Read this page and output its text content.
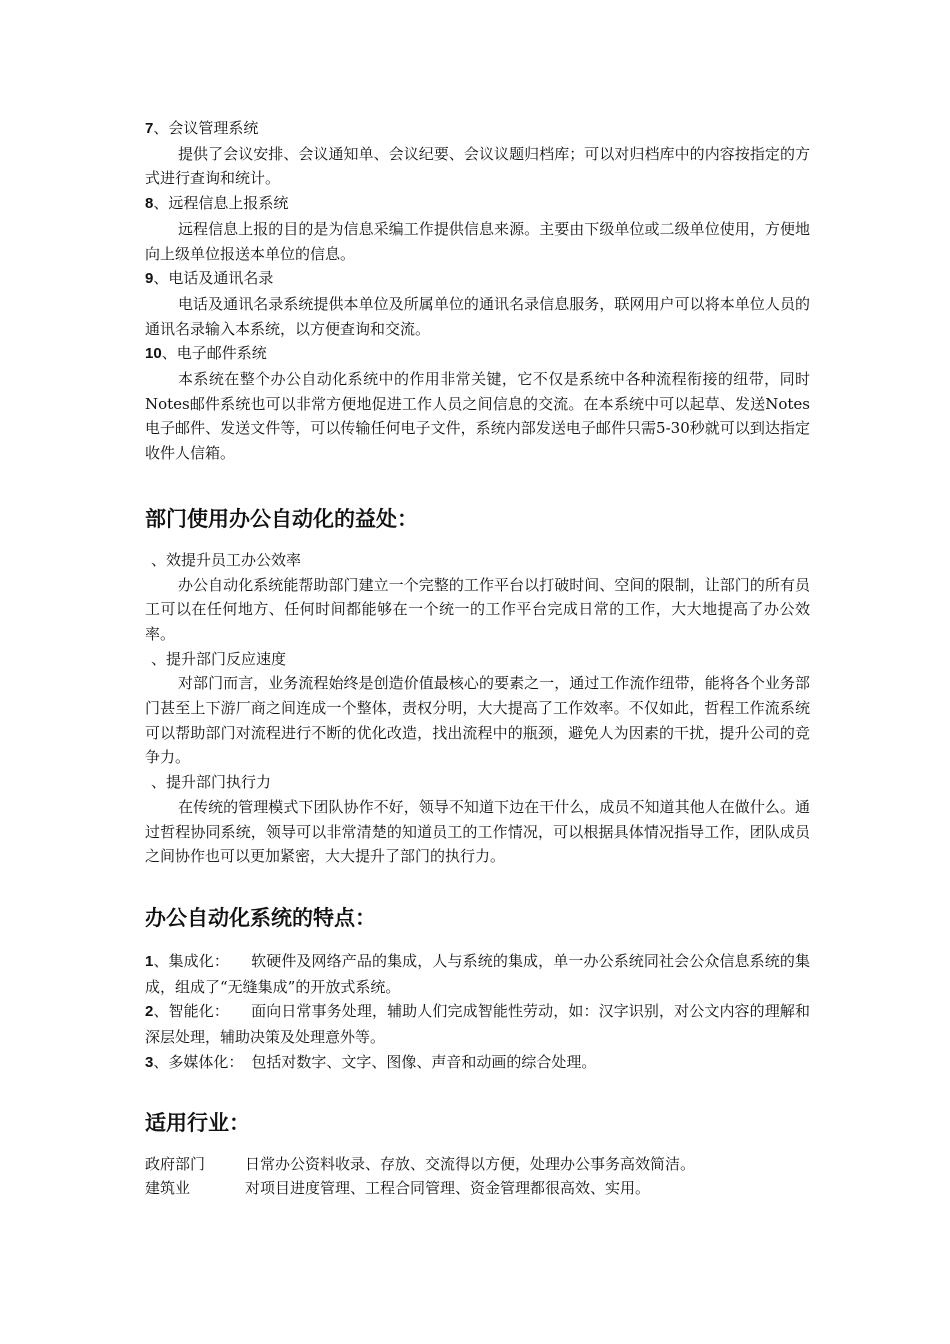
7、会议管理系统

提供了会议安排、会议通知单、会议纪要、会议议题归档库；可以对归档库中的内容按指定的方式进行查询和统计。

8、远程信息上报系统

远程信息上报的目的是为信息采编工作提供信息来源。主要由下级单位或二级单位使用，方便地向上级单位报送本单位的信息。

9、电话及通讯名录

电话及通讯名录系统提供本单位及所属单位的通讯名录信息服务，联网用户可以将本单位人员的通讯名录输入本系统，以方便查询和交流。

10、电子邮件系统

本系统在整个办公自动化系统中的作用非常关键，它不仅是系统中各种流程衔接的纽带，同时Notes邮件系统也可以非常方便地促进工作人员之间信息的交流。在本系统中可以起草、发送Notes电子邮件、发送文件等，可以传输任何电子文件，系统内部发送电子邮件只需5-30秒就可以到达指定收件人信箱。

部门使用办公自动化的益处：

、效提升员工办公效率

办公自动化系统能帮助部门建立一个完整的工作平台以打破时间、空间的限制，让部门的所有员工可以在任何地方、任何时间都能够在一个统一的工作平台完成日常的工作，大大地提高了办公效率。

、提升部门反应速度

对部门而言，业务流程始终是创造价值最核心的要素之一，通过工作流作纽带，能将各个业务部门甚至上下游厂商之间连成一个整体，责权分明，大大提高了工作效率。不仅如此，哲程工作流系统可以帮助部门对流程进行不断的优化改造，找出流程中的瓶颈，避免人为因素的干扰，提升公司的竞争力。

、提升部门执行力

在传统的管理模式下团队协作不好，领导不知道下边在干什么，成员不知道其他人在做什么。通过哲程协同系统，领导可以非常清楚的知道员工的工作情况，可以根据具体情况指导工作，团队成员之间协作也可以更加紧密，大大提升了部门的执行力。

办公自动化系统的特点：

1、集成化： 软硬件及网络产品的集成，人与系统的集成，单一办公系统同社会公众信息系统的集成，组成了“无缝集成”的开放式系统。

2、智能化： 面向日常事务处理，辅助人们完成智能性劳动，如：汉字识别，对公文内容的理解和深层处理，辅助决策及处理意外等。

3、多媒体化： 包括对数字、文字、图像、声音和动画的综合处理。

适用行业：
政府部门	日常办公资料收录、存放、交流得以方便，处理办公事务高效简洁。
建筑业	对项目进度管理、工程合同管理、资金管理都很高效、实用。
